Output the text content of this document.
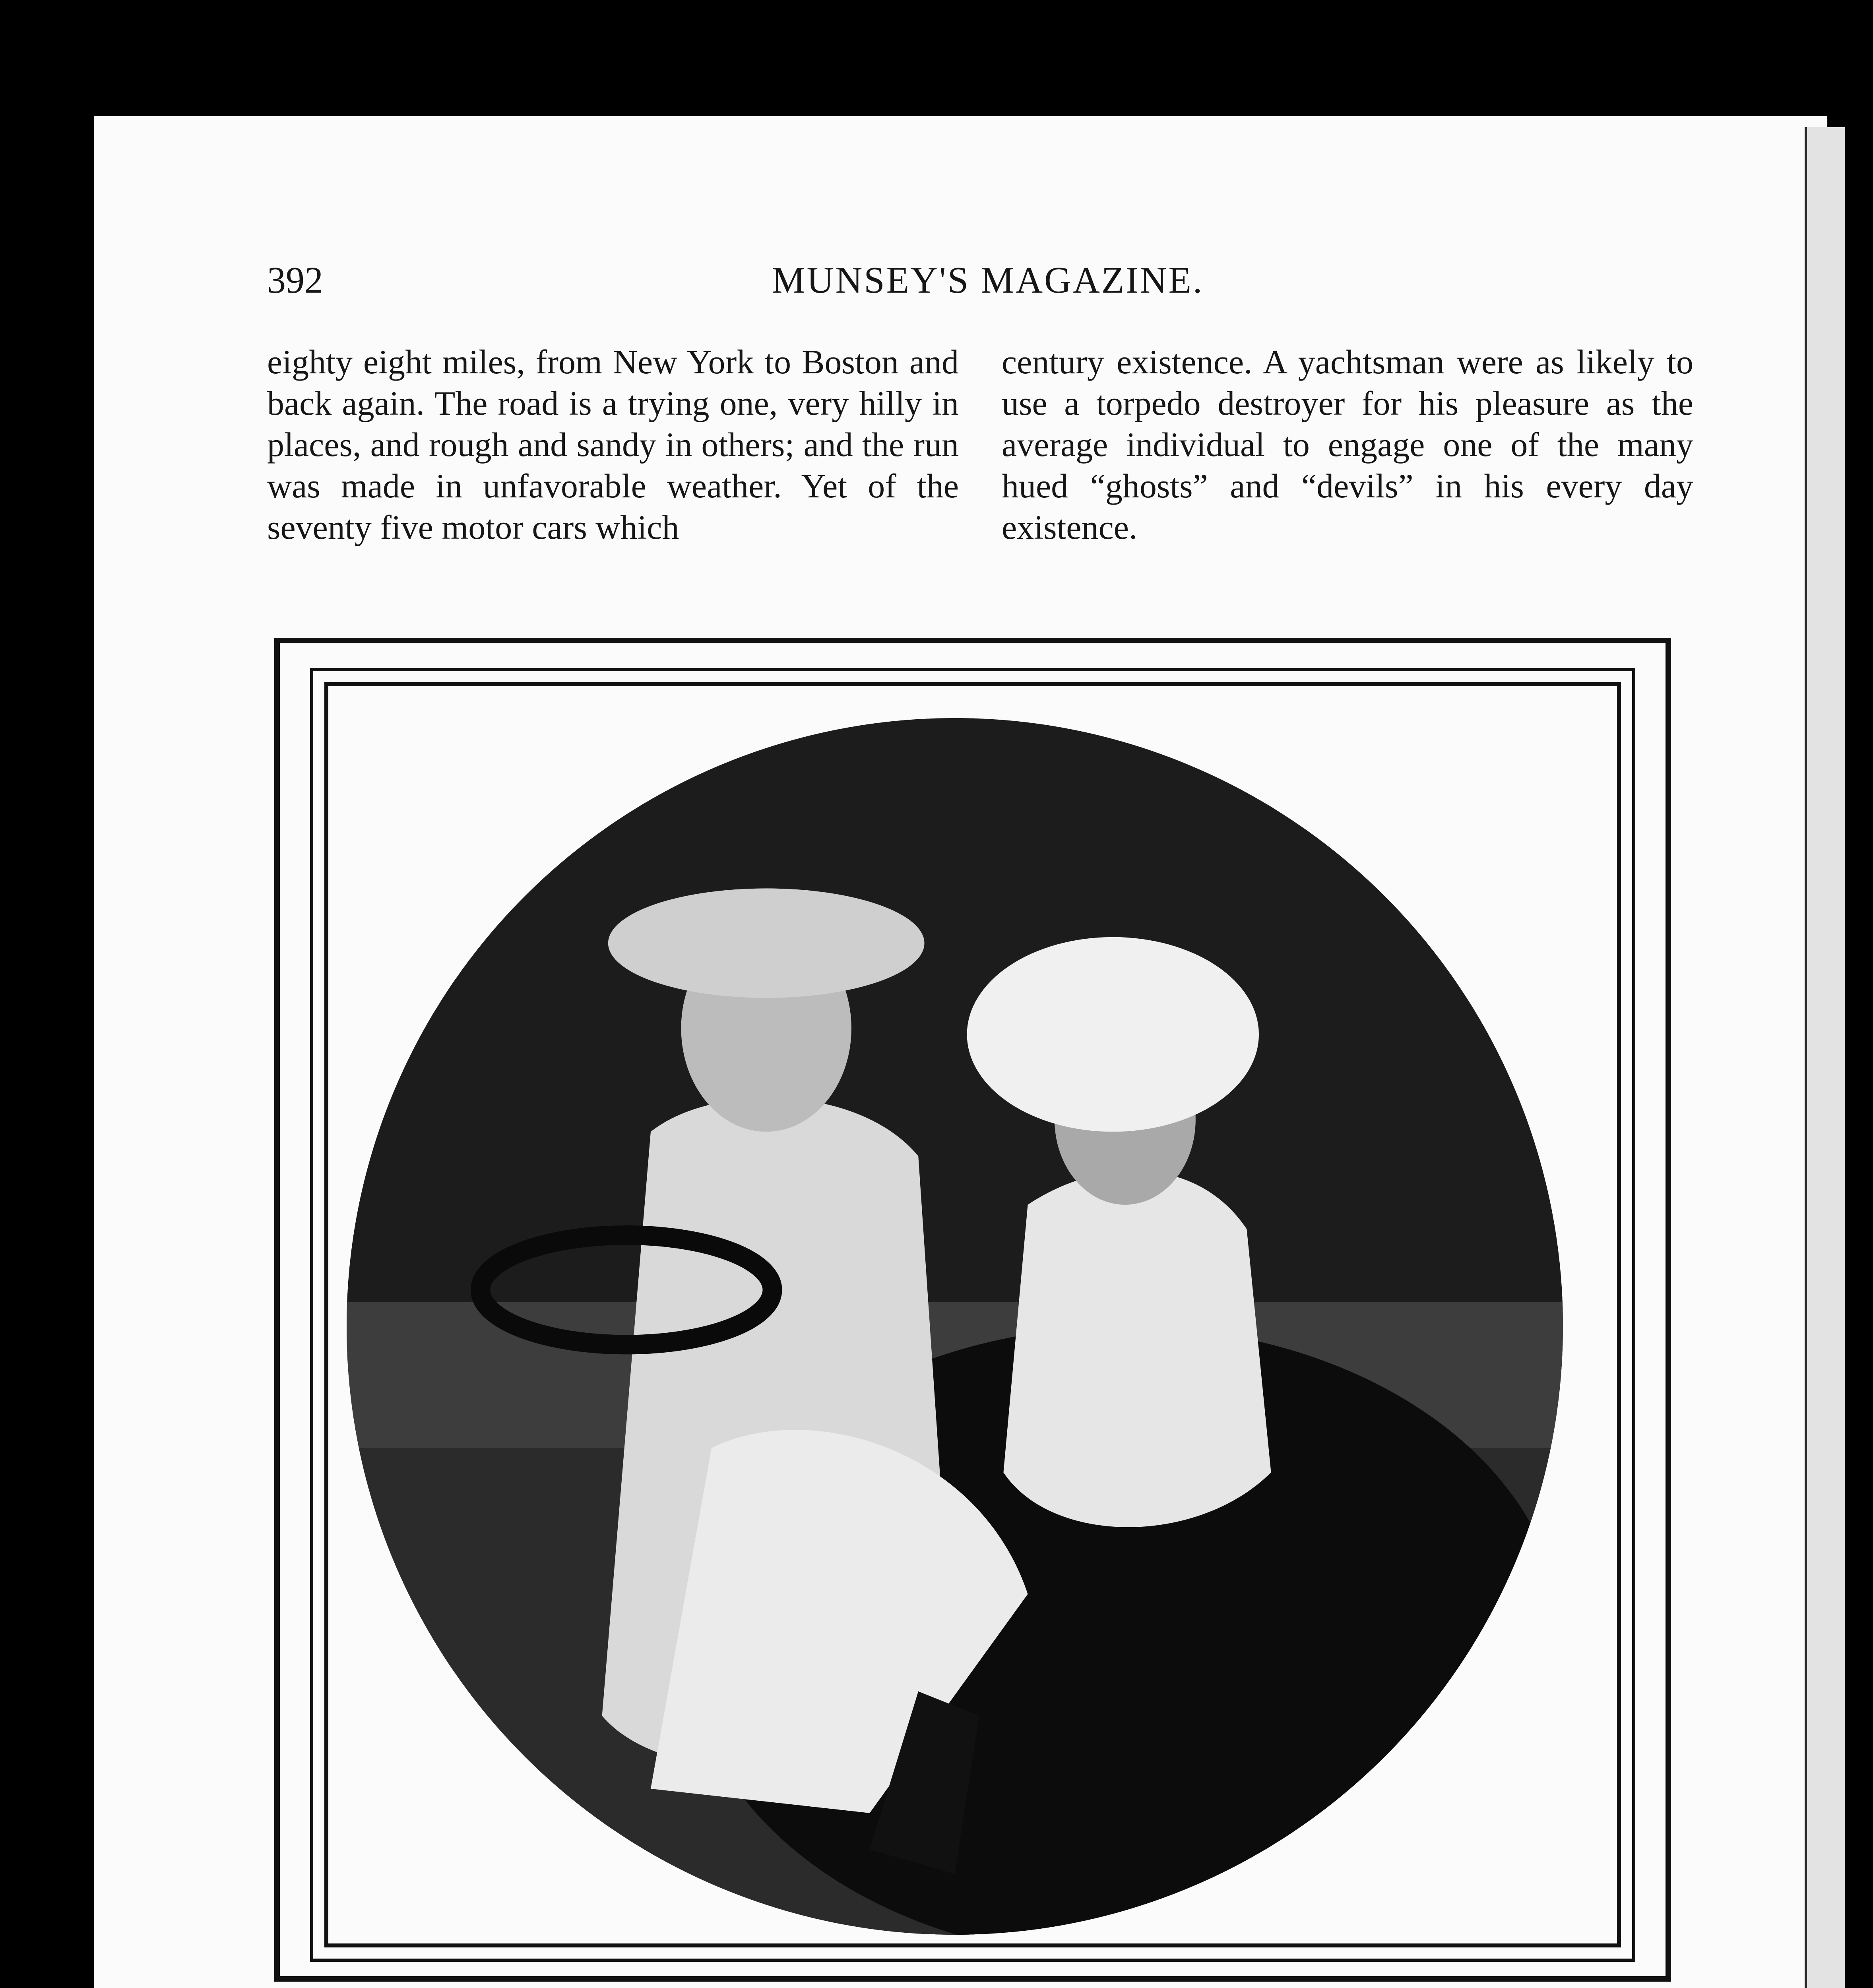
392	MUNSEY'S MAGAZINE.

eighty eight miles, from New York to Boston and back again. The road is a trying one, very hilly in places, and rough and sandy in others; and the run was made in unfavorable weather. Yet of the seventy five motor cars which

century existence. A yachtsman were as likely to use a torpedo destroyer for his pleasure as the average individual to engage one of the many hued “ghosts” and “devils” in his every day existence.
